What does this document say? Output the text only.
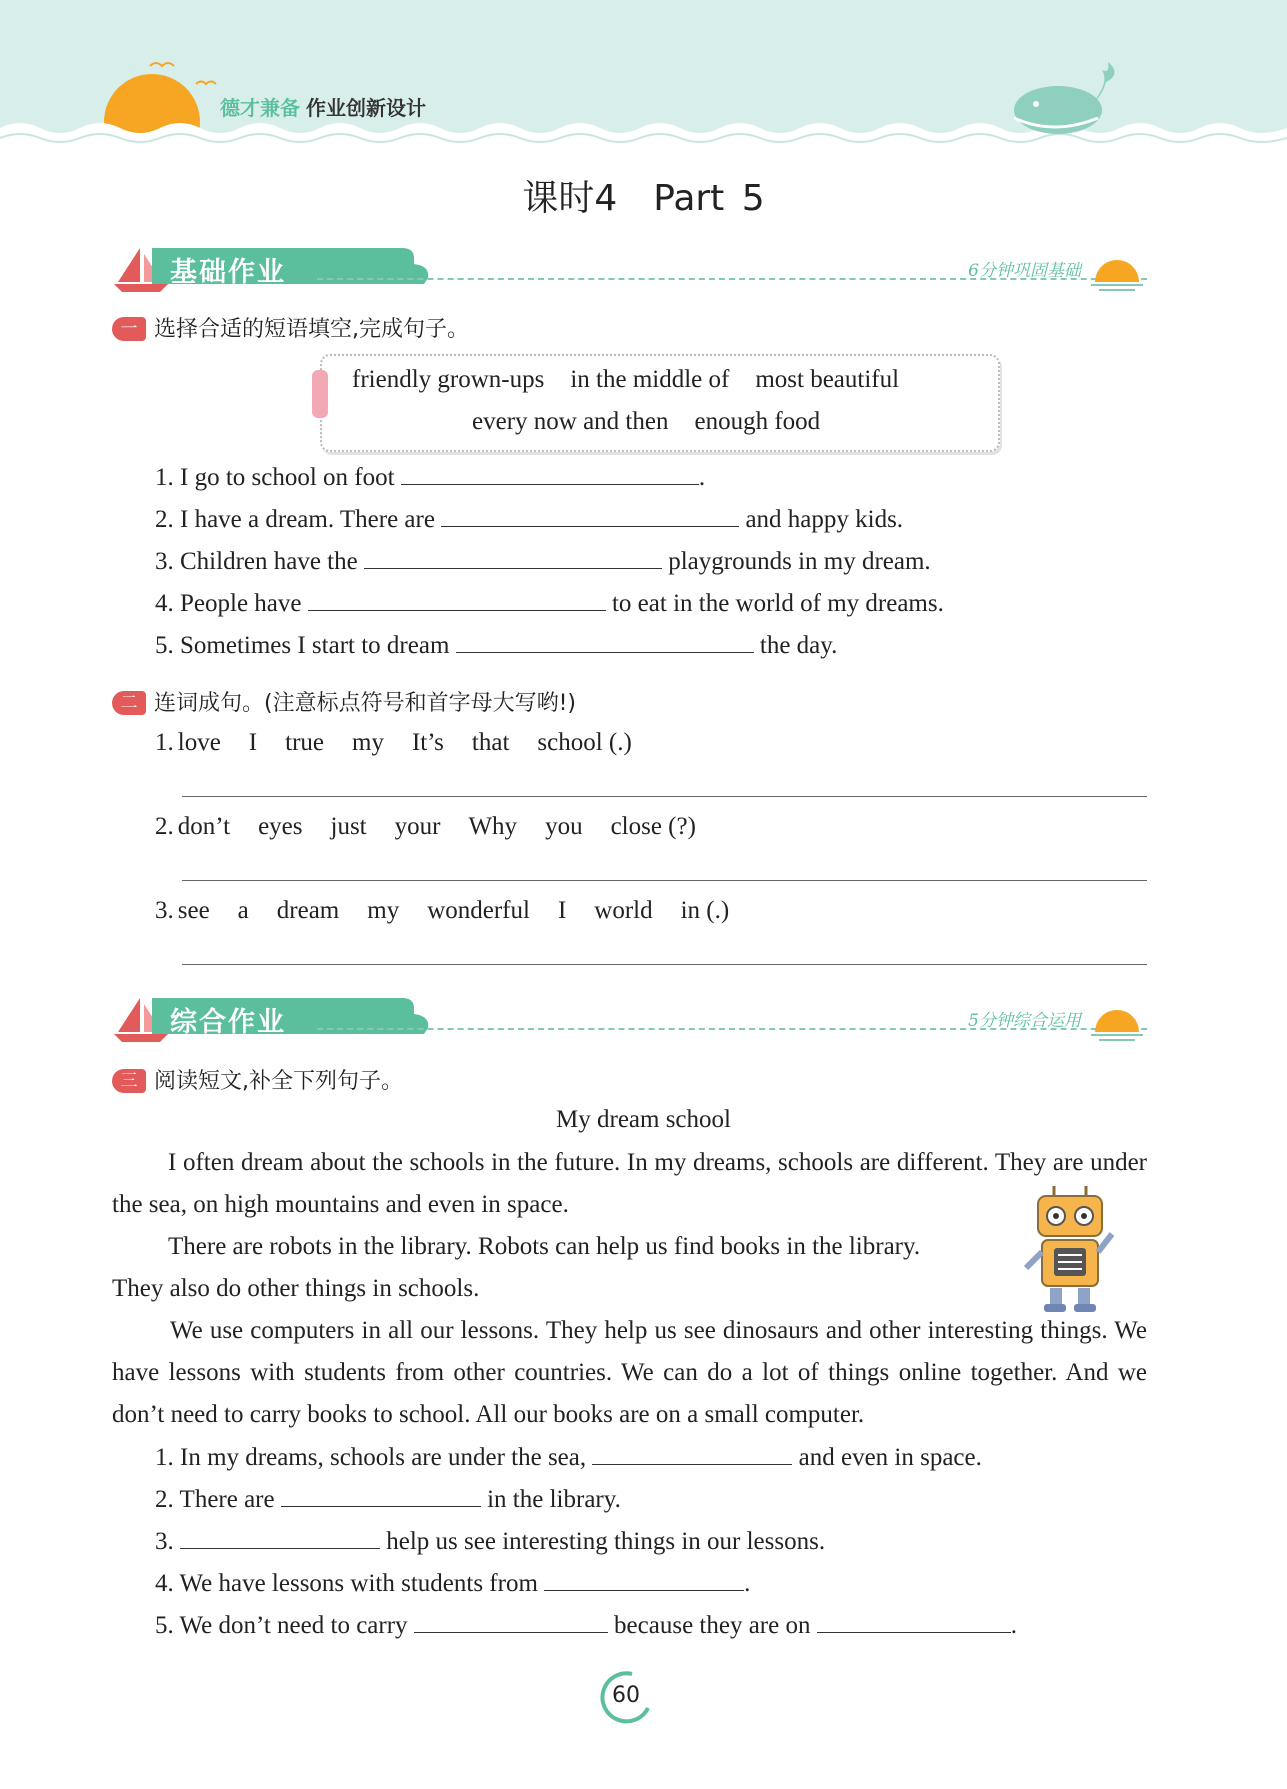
德才兼备 作业创新设计
课时4　Part 5
基础作业	6分钟巩固基础
一 选择合适的短语填空,完成句子。
friendly grown-ups in the middle of most beautiful
every now and then enough food
1. I go to school on foot	.
2. I have a dream. There are	and happy kids.
3. Children have the	playgrounds in my dream.
4. People have	to eat in the world of my dreams.
5. Sometimes I start to dream	the day.
二 连词成句。(注意标点符号和首字母大写哟!)
1. love I true my It’s that school (.)
2. don’t eyes just your Why you close (?)
3. see a dream my wonderful I world in (.)
综合作业	5分钟综合运用
三 阅读短文,补全下列句子。
My dream school
I often dream about the schools in the future. In my dreams, schools are different. They are under the sea, on high mountains and even in space.
There are robots in the library. Robots can help us find books in the library.
They also do other things in schools.
We use computers in all our lessons. They help us see dinosaurs and other interesting things. We have lessons with students from other countries. We can do a lot of things online together. And we don’t need to carry books to school. All our books are on a small computer.
1. In my dreams, schools are under the sea,	and even in space.
2. There are	in the library.
3.	help us see interesting things in our lessons.
4. We have lessons with students from	.
5. We don’t need to carry	because they are on	.
60
